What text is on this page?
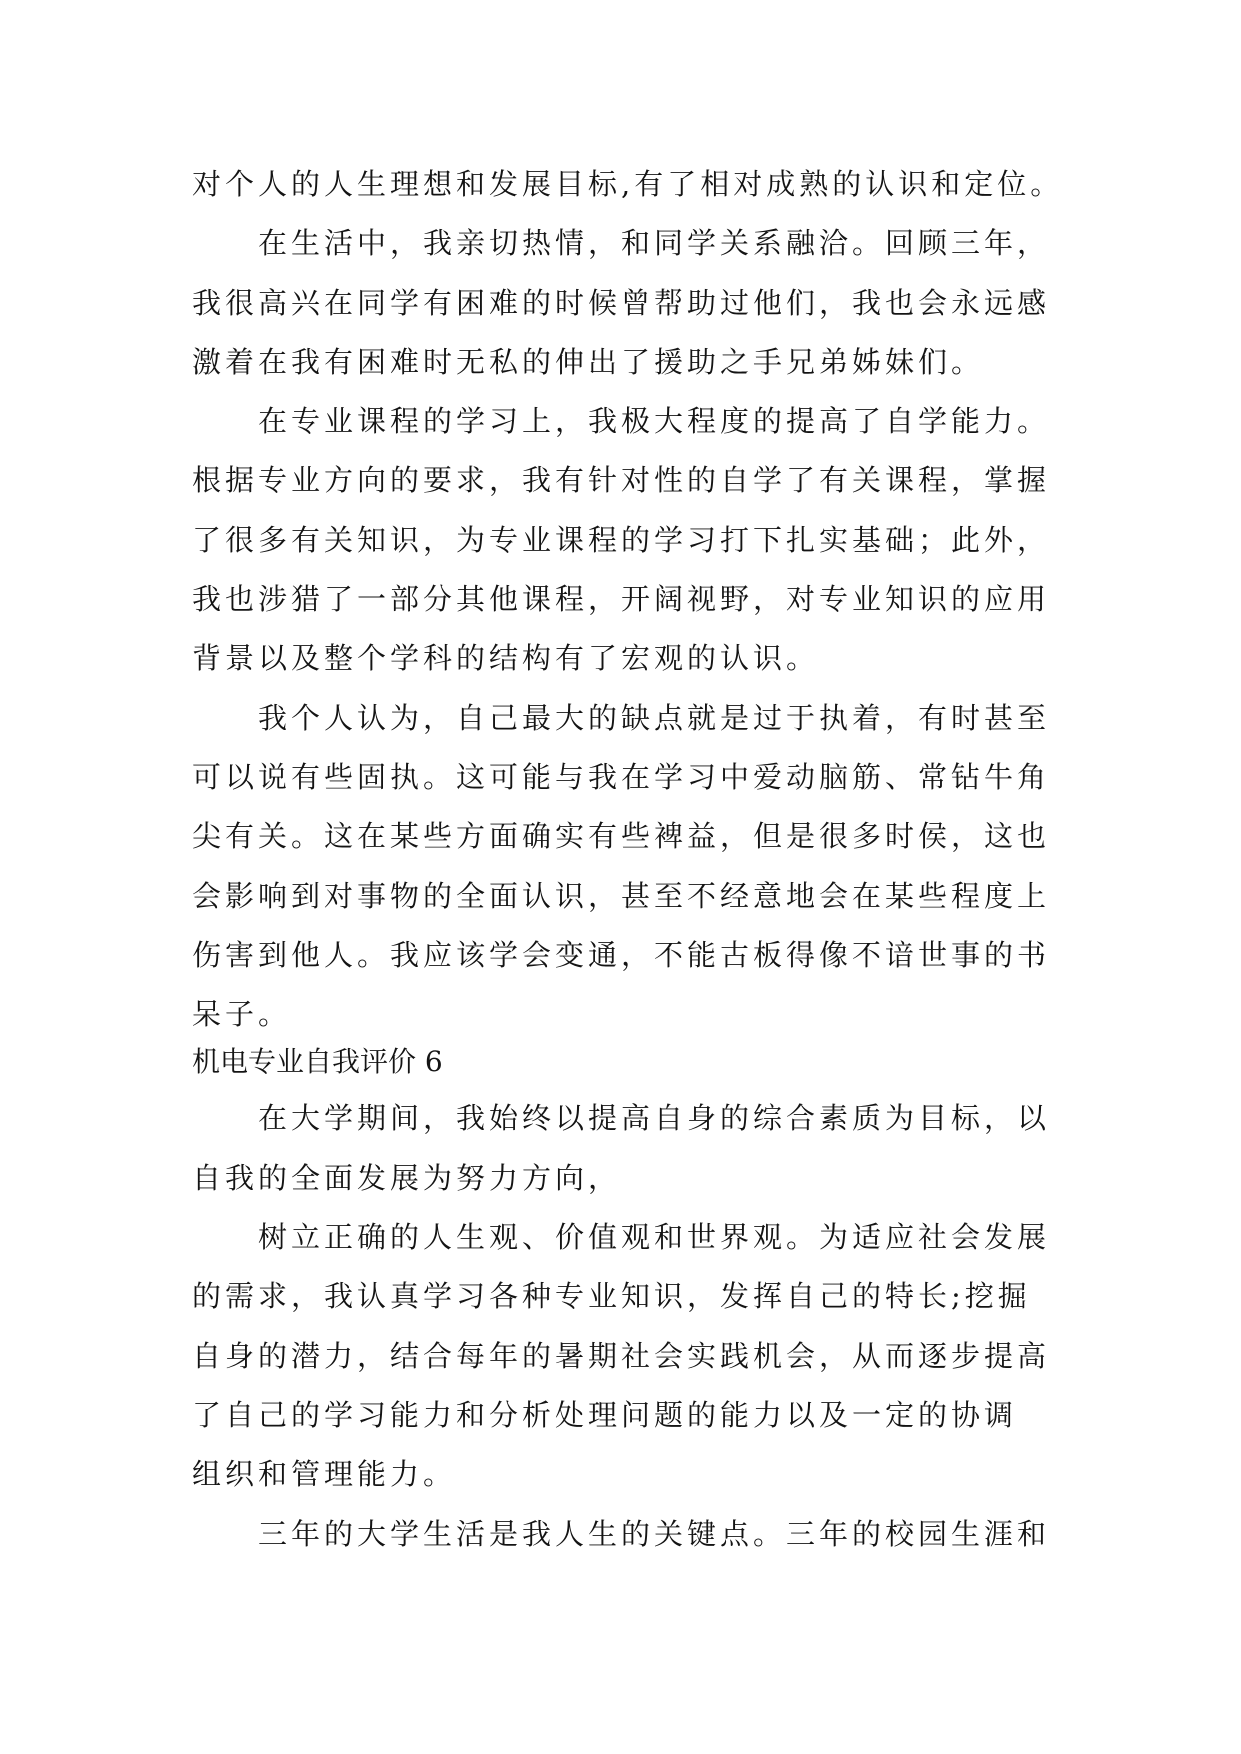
对个人的人生理想和发展目标,有了相对成熟的认识和定位。
在生活中，我亲切热情，和同学关系融洽。回顾三年，
我很高兴在同学有困难的时候曾帮助过他们，我也会永远感
激着在我有困难时无私的伸出了援助之手兄弟姊妹们。
在专业课程的学习上，我极大程度的提高了自学能力。
根据专业方向的要求，我有针对性的自学了有关课程，掌握
了很多有关知识，为专业课程的学习打下扎实基础；此外，
我也涉猎了一部分其他课程，开阔视野，对专业知识的应用
背景以及整个学科的结构有了宏观的认识。
我个人认为，自己最大的缺点就是过于执着，有时甚至
可以说有些固执。这可能与我在学习中爱动脑筋、常钻牛角
尖有关。这在某些方面确实有些裨益，但是很多时侯，这也
会影响到对事物的全面认识，甚至不经意地会在某些程度上
伤害到他人。我应该学会变通，不能古板得像不谙世事的书
呆子。
机电专业自我评价 6
在大学期间，我始终以提高自身的综合素质为目标，以
自我的全面发展为努力方向，
树立正确的人生观、价值观和世界观。为适应社会发展
的需求，我认真学习各种专业知识，发挥自己的特长;挖掘
自身的潜力，结合每年的暑期社会实践机会，从而逐步提高
了自己的学习能力和分析处理问题的能力以及一定的协调
组织和管理能力。
三年的大学生活是我人生的关键点。三年的校园生涯和
